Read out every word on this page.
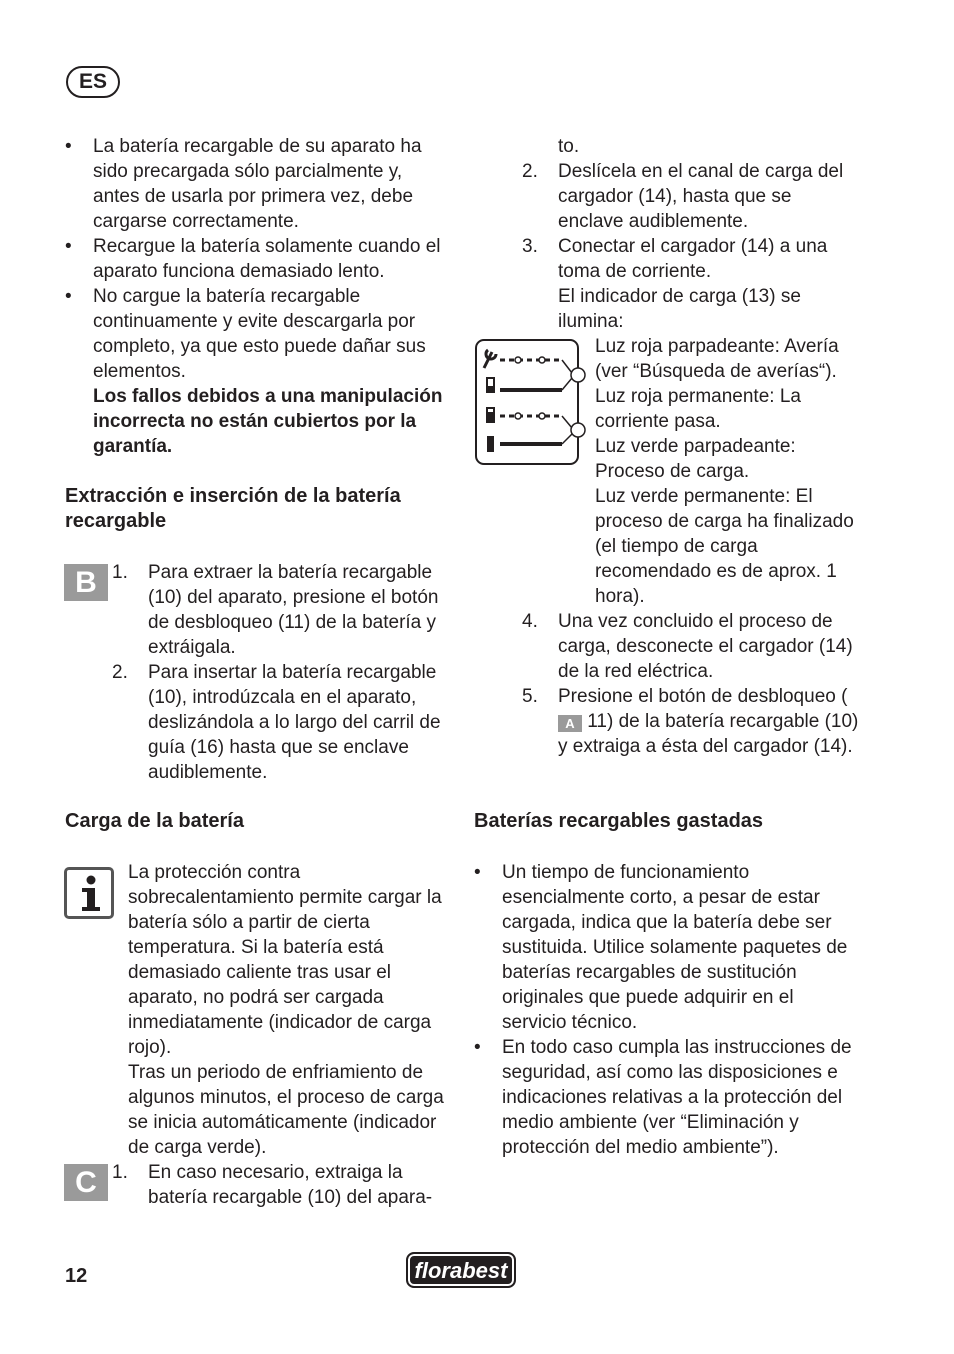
ES
• La batería recargable de su aparato ha sido precargada sólo parcialmente y, antes de usarla por primera vez, debe cargarse correctamente.
• Recargue la batería solamente cuando el aparato funciona demasiado lento.
• No cargue la batería recargable continuamente y evite descargarla por completo, ya que esto puede dañar sus elementos.
Los fallos debidos a una manipulación incorrecta no están cubiertos por la garantía.
Extracción e inserción de la batería recargable
B 1. Para extraer la batería recargable (10) del aparato, presione el botón de desbloqueo (11) de la batería y extráigala.
2. Para insertar la batería recargable (10), introdúzcala en el aparato, deslizándola a lo largo del carril de guía (16) hasta que se enclave audiblemente.
Carga de la batería
La protección contra sobrecalentamiento permite cargar la batería sólo a partir de cierta temperatura. Si la batería está demasiado caliente tras usar el aparato, no podrá ser cargada inmediatamente (indicador de carga rojo).
Tras un periodo de enfriamiento de algunos minutos, el proceso de carga se inicia automáticamente (indicador de carga verde).
C 1. En caso necesario, extraiga la batería recargable (10) del apara-
to.
2. Deslícela en el canal de carga del cargador (14), hasta que se enclave audiblemente.
3. Conectar el cargador (14) a una toma de corriente.
El indicador de carga (13) se ilumina:
Luz roja parpadeante: Avería (ver “Búsqueda de averías“).
Luz roja permanente: La corriente pasa.
Luz verde parpadeante: Proceso de carga.
Luz verde permanente: El proceso de carga ha finalizado (el tiempo de carga recomendado es de aprox. 1 hora).
4. Una vez concluido el proceso de carga, desconecte el cargador (14) de la red eléctrica.
5. Presione el botón de desbloqueo (A 11) de la batería recargable (10) y extraiga a ésta del cargador (14).
Baterías recargables gastadas
• Un tiempo de funcionamiento esencialmente corto, a pesar de estar cargada, indica que la batería debe ser sustituida. Utilice solamente paquetes de baterías recargables de sustitución originales que puede adquirir en el servicio técnico.
• En todo caso cumpla las instrucciones de seguridad, así como las disposiciones e indicaciones relativas a la protección del medio ambiente (ver “Eliminación y protección del medio ambiente”).
12	florabest
